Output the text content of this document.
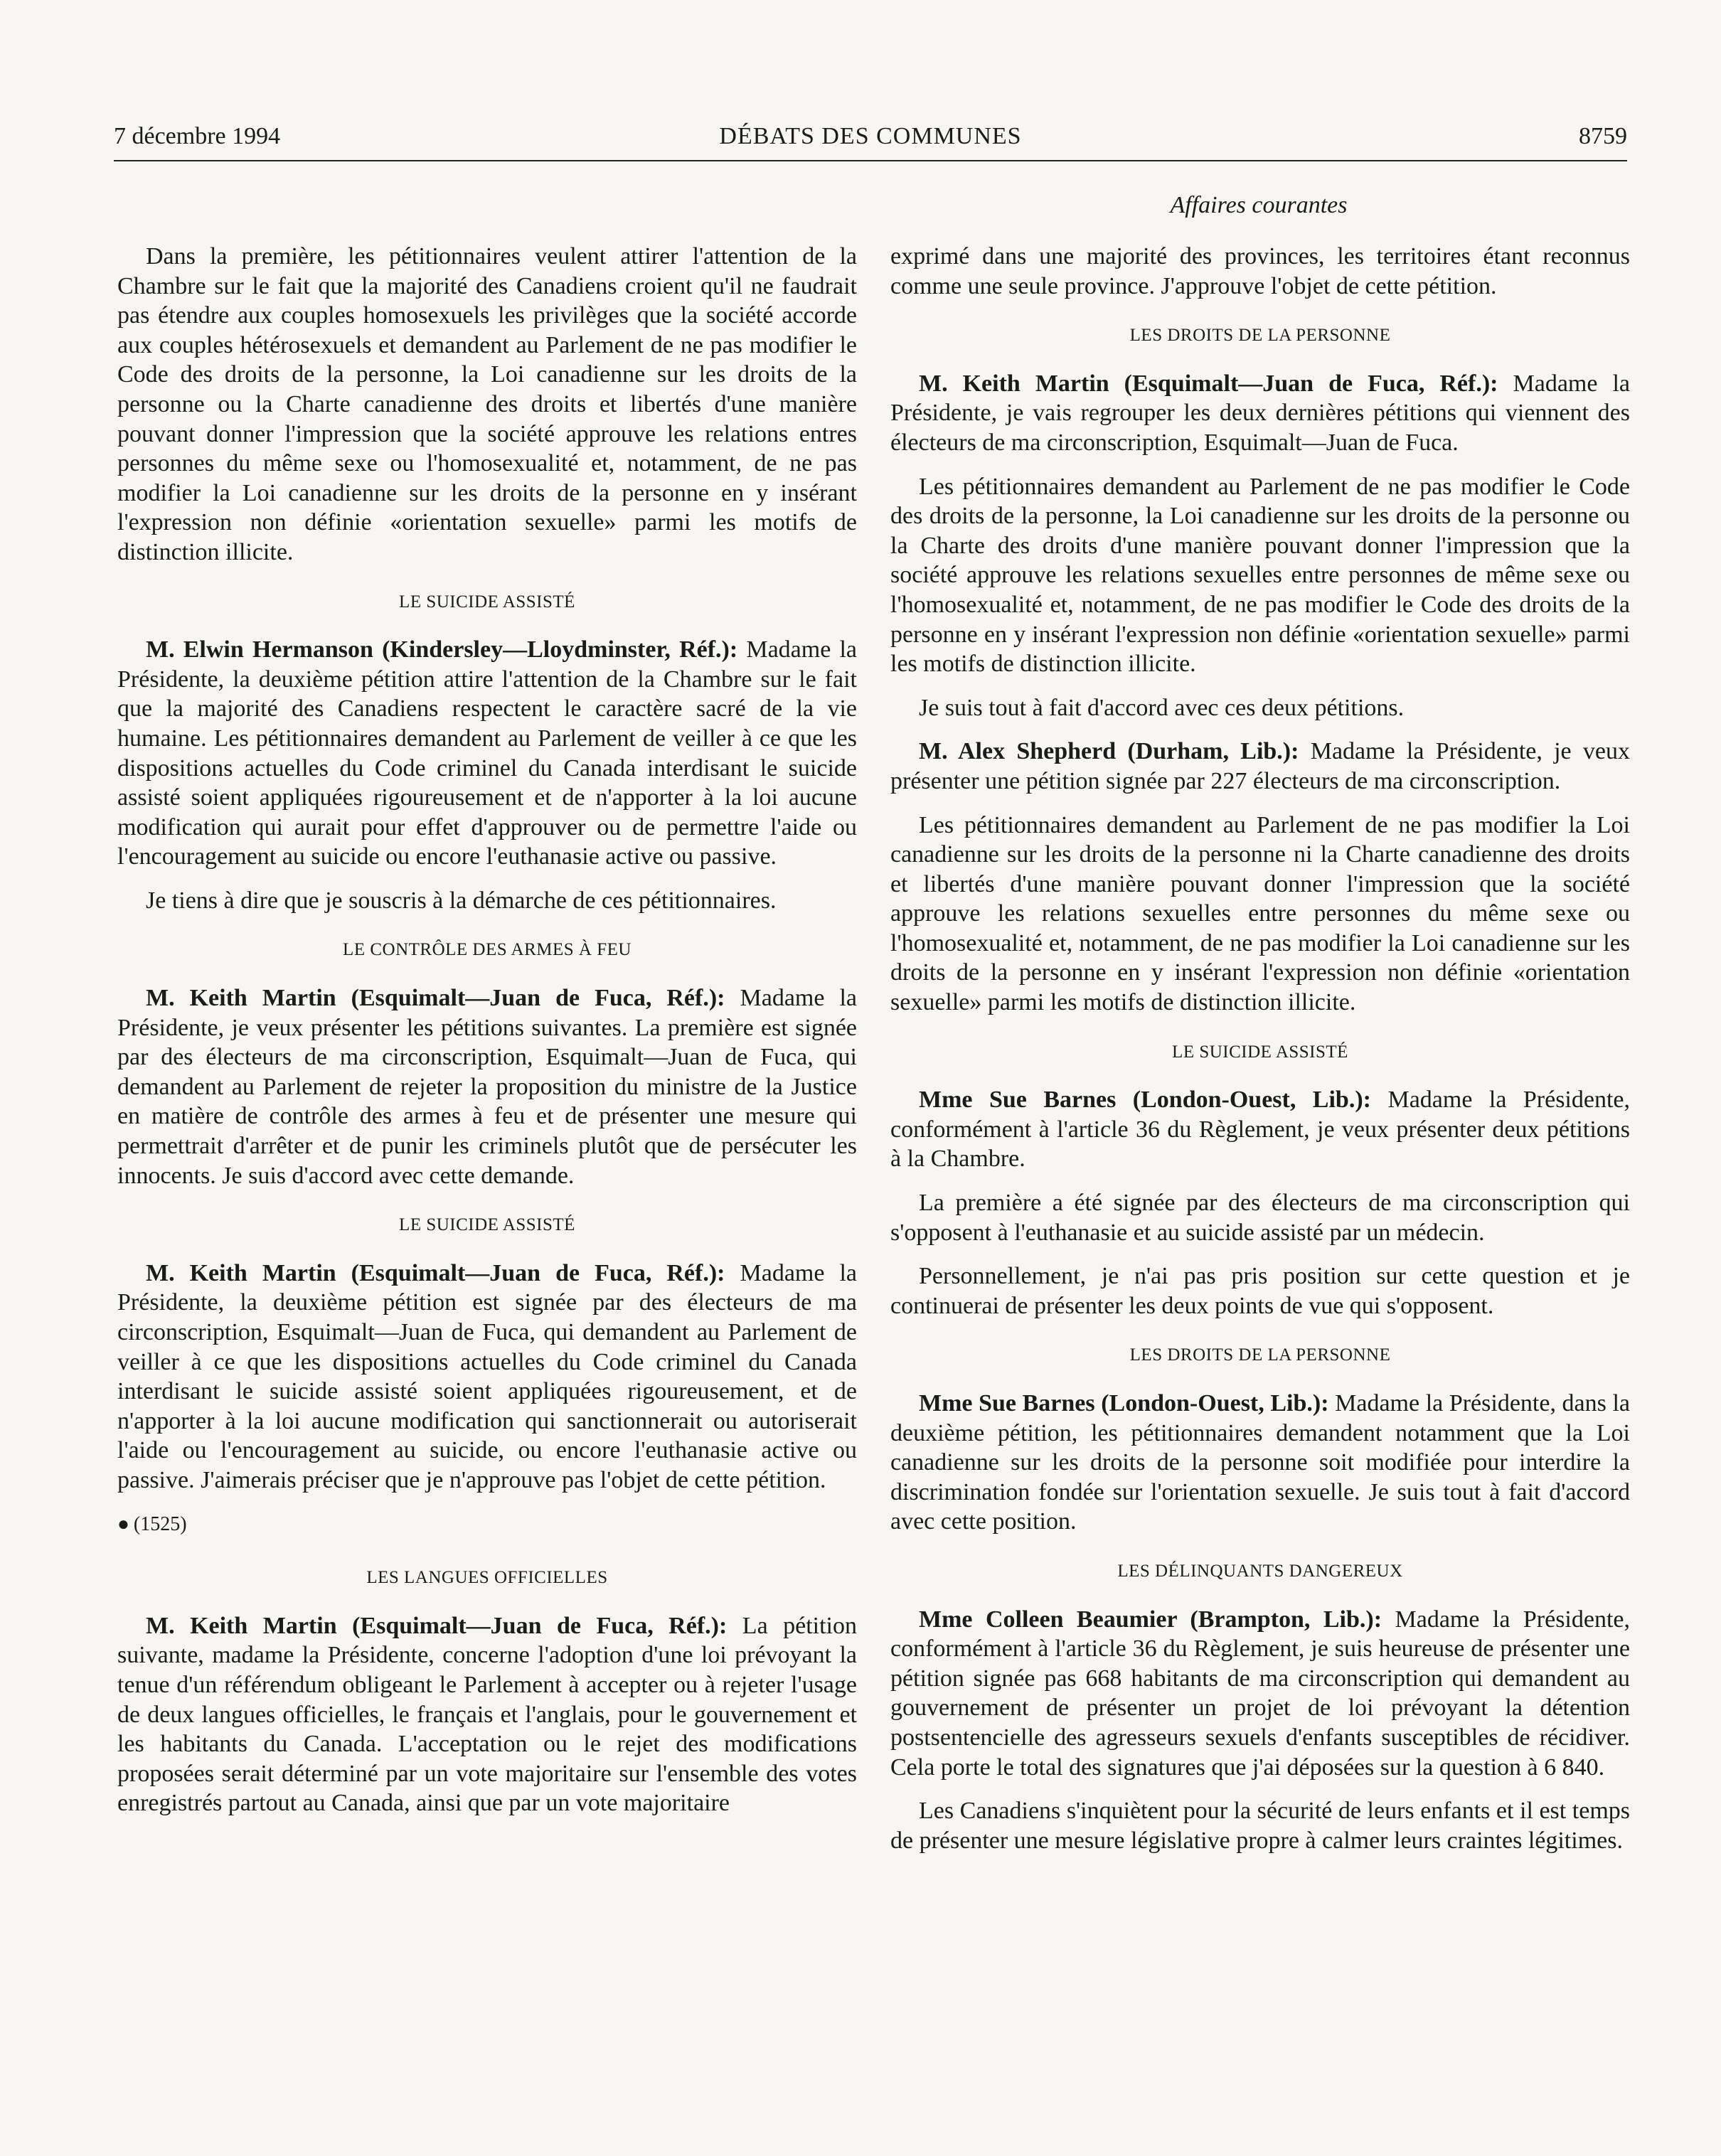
7 décembre 1994	DÉBATS DES COMMUNES	8759
Affaires courantes

Dans la première, les pétitionnaires veulent attirer l'attention de la Chambre sur le fait que la majorité des Canadiens croient qu'il ne faudrait pas étendre aux couples homosexuels les privilèges que la société accorde aux couples hétérosexuels et demandent au Parlement de ne pas modifier le Code des droits de la personne, la Loi canadienne sur les droits de la personne ou la Charte canadienne des droits et libertés d'une manière pouvant donner l'impression que la société approuve les relations entres personnes du même sexe ou l'homosexualité et, notamment, de ne pas modifier la Loi canadienne sur les droits de la personne en y insérant l'expression non définie «orientation sexuelle» parmi les motifs de distinction illicite.

LE SUICIDE ASSISTÉ

M. Elwin Hermanson (Kindersley—Lloydminster, Réf.): Madame la Présidente, la deuxième pétition attire l'attention de la Chambre sur le fait que la majorité des Canadiens respectent le caractère sacré de la vie humaine. Les pétitionnaires demandent au Parlement de veiller à ce que les dispositions actuelles du Code criminel du Canada interdisant le suicide assisté soient appliquées rigoureusement et de n'apporter à la loi aucune modification qui aurait pour effet d'approuver ou de permettre l'aide ou l'encouragement au suicide ou encore l'euthanasie active ou passive.

Je tiens à dire que je souscris à la démarche de ces pétitionnaires.

LE CONTRÔLE DES ARMES À FEU

M. Keith Martin (Esquimalt—Juan de Fuca, Réf.): Madame la Présidente, je veux présenter les pétitions suivantes. La première est signée par des électeurs de ma circonscription, Esquimalt—Juan de Fuca, qui demandent au Parlement de rejeter la proposition du ministre de la Justice en matière de contrôle des armes à feu et de présenter une mesure qui permettrait d'arrêter et de punir les criminels plutôt que de persécuter les innocents. Je suis d'accord avec cette demande.

LE SUICIDE ASSISTÉ

M. Keith Martin (Esquimalt—Juan de Fuca, Réf.): Madame la Présidente, la deuxième pétition est signée par des électeurs de ma circonscription, Esquimalt—Juan de Fuca, qui demandent au Parlement de veiller à ce que les dispositions actuelles du Code criminel du Canada interdisant le suicide assisté soient appliquées rigoureusement, et de n'apporter à la loi aucune modification qui sanctionnerait ou autoriserait l'aide ou l'encouragement au suicide, ou encore l'euthanasie active ou passive. J'aimerais préciser que je n'approuve pas l'objet de cette pétition.

● (1525)
LES LANGUES OFFICIELLES

M. Keith Martin (Esquimalt—Juan de Fuca, Réf.): La pétition suivante, madame la Présidente, concerne l'adoption d'une loi prévoyant la tenue d'un référendum obligeant le Parlement à accepter ou à rejeter l'usage de deux langues officielles, le français et l'anglais, pour le gouvernement et les habitants du Canada. L'acceptation ou le rejet des modifications proposées serait déterminé par un vote majoritaire sur l'ensemble des votes enregistrés partout au Canada, ainsi que par un vote majoritaire

exprimé dans une majorité des provinces, les territoires étant reconnus comme une seule province. J'approuve l'objet de cette pétition.

LES DROITS DE LA PERSONNE

M. Keith Martin (Esquimalt—Juan de Fuca, Réf.): Madame la Présidente, je vais regrouper les deux dernières pétitions qui viennent des électeurs de ma circonscription, Esquimalt—Juan de Fuca.

Les pétitionnaires demandent au Parlement de ne pas modifier le Code des droits de la personne, la Loi canadienne sur les droits de la personne ou la Charte des droits d'une manière pouvant donner l'impression que la société approuve les relations sexuelles entre personnes de même sexe ou l'homosexualité et, notamment, de ne pas modifier le Code des droits de la personne en y insérant l'expression non définie «orientation sexuelle» parmi les motifs de distinction illicite.

Je suis tout à fait d'accord avec ces deux pétitions.

M. Alex Shepherd (Durham, Lib.): Madame la Présidente, je veux présenter une pétition signée par 227 électeurs de ma circonscription.

Les pétitionnaires demandent au Parlement de ne pas modifier la Loi canadienne sur les droits de la personne ni la Charte canadienne des droits et libertés d'une manière pouvant donner l'impression que la société approuve les relations sexuelles entre personnes du même sexe ou l'homosexualité et, notamment, de ne pas modifier la Loi canadienne sur les droits de la personne en y insérant l'expression non définie «orientation sexuelle» parmi les motifs de distinction illicite.

LE SUICIDE ASSISTÉ

Mme Sue Barnes (London-Ouest, Lib.): Madame la Présidente, conformément à l'article 36 du Règlement, je veux présenter deux pétitions à la Chambre.

La première a été signée par des électeurs de ma circonscription qui s'opposent à l'euthanasie et au suicide assisté par un médecin.

Personnellement, je n'ai pas pris position sur cette question et je continuerai de présenter les deux points de vue qui s'opposent.

LES DROITS DE LA PERSONNE

Mme Sue Barnes (London-Ouest, Lib.): Madame la Présidente, dans la deuxième pétition, les pétitionnaires demandent notamment que la Loi canadienne sur les droits de la personne soit modifiée pour interdire la discrimination fondée sur l'orientation sexuelle. Je suis tout à fait d'accord avec cette position.

LES DÉLINQUANTS DANGEREUX

Mme Colleen Beaumier (Brampton, Lib.): Madame la Présidente, conformément à l'article 36 du Règlement, je suis heureuse de présenter une pétition signée pas 668 habitants de ma circonscription qui demandent au gouvernement de présenter un projet de loi prévoyant la détention postsentencielle des agresseurs sexuels d'enfants susceptibles de récidiver. Cela porte le total des signatures que j'ai déposées sur la question à 6 840.

Les Canadiens s'inquiètent pour la sécurité de leurs enfants et il est temps de présenter une mesure législative propre à calmer leurs craintes légitimes.
